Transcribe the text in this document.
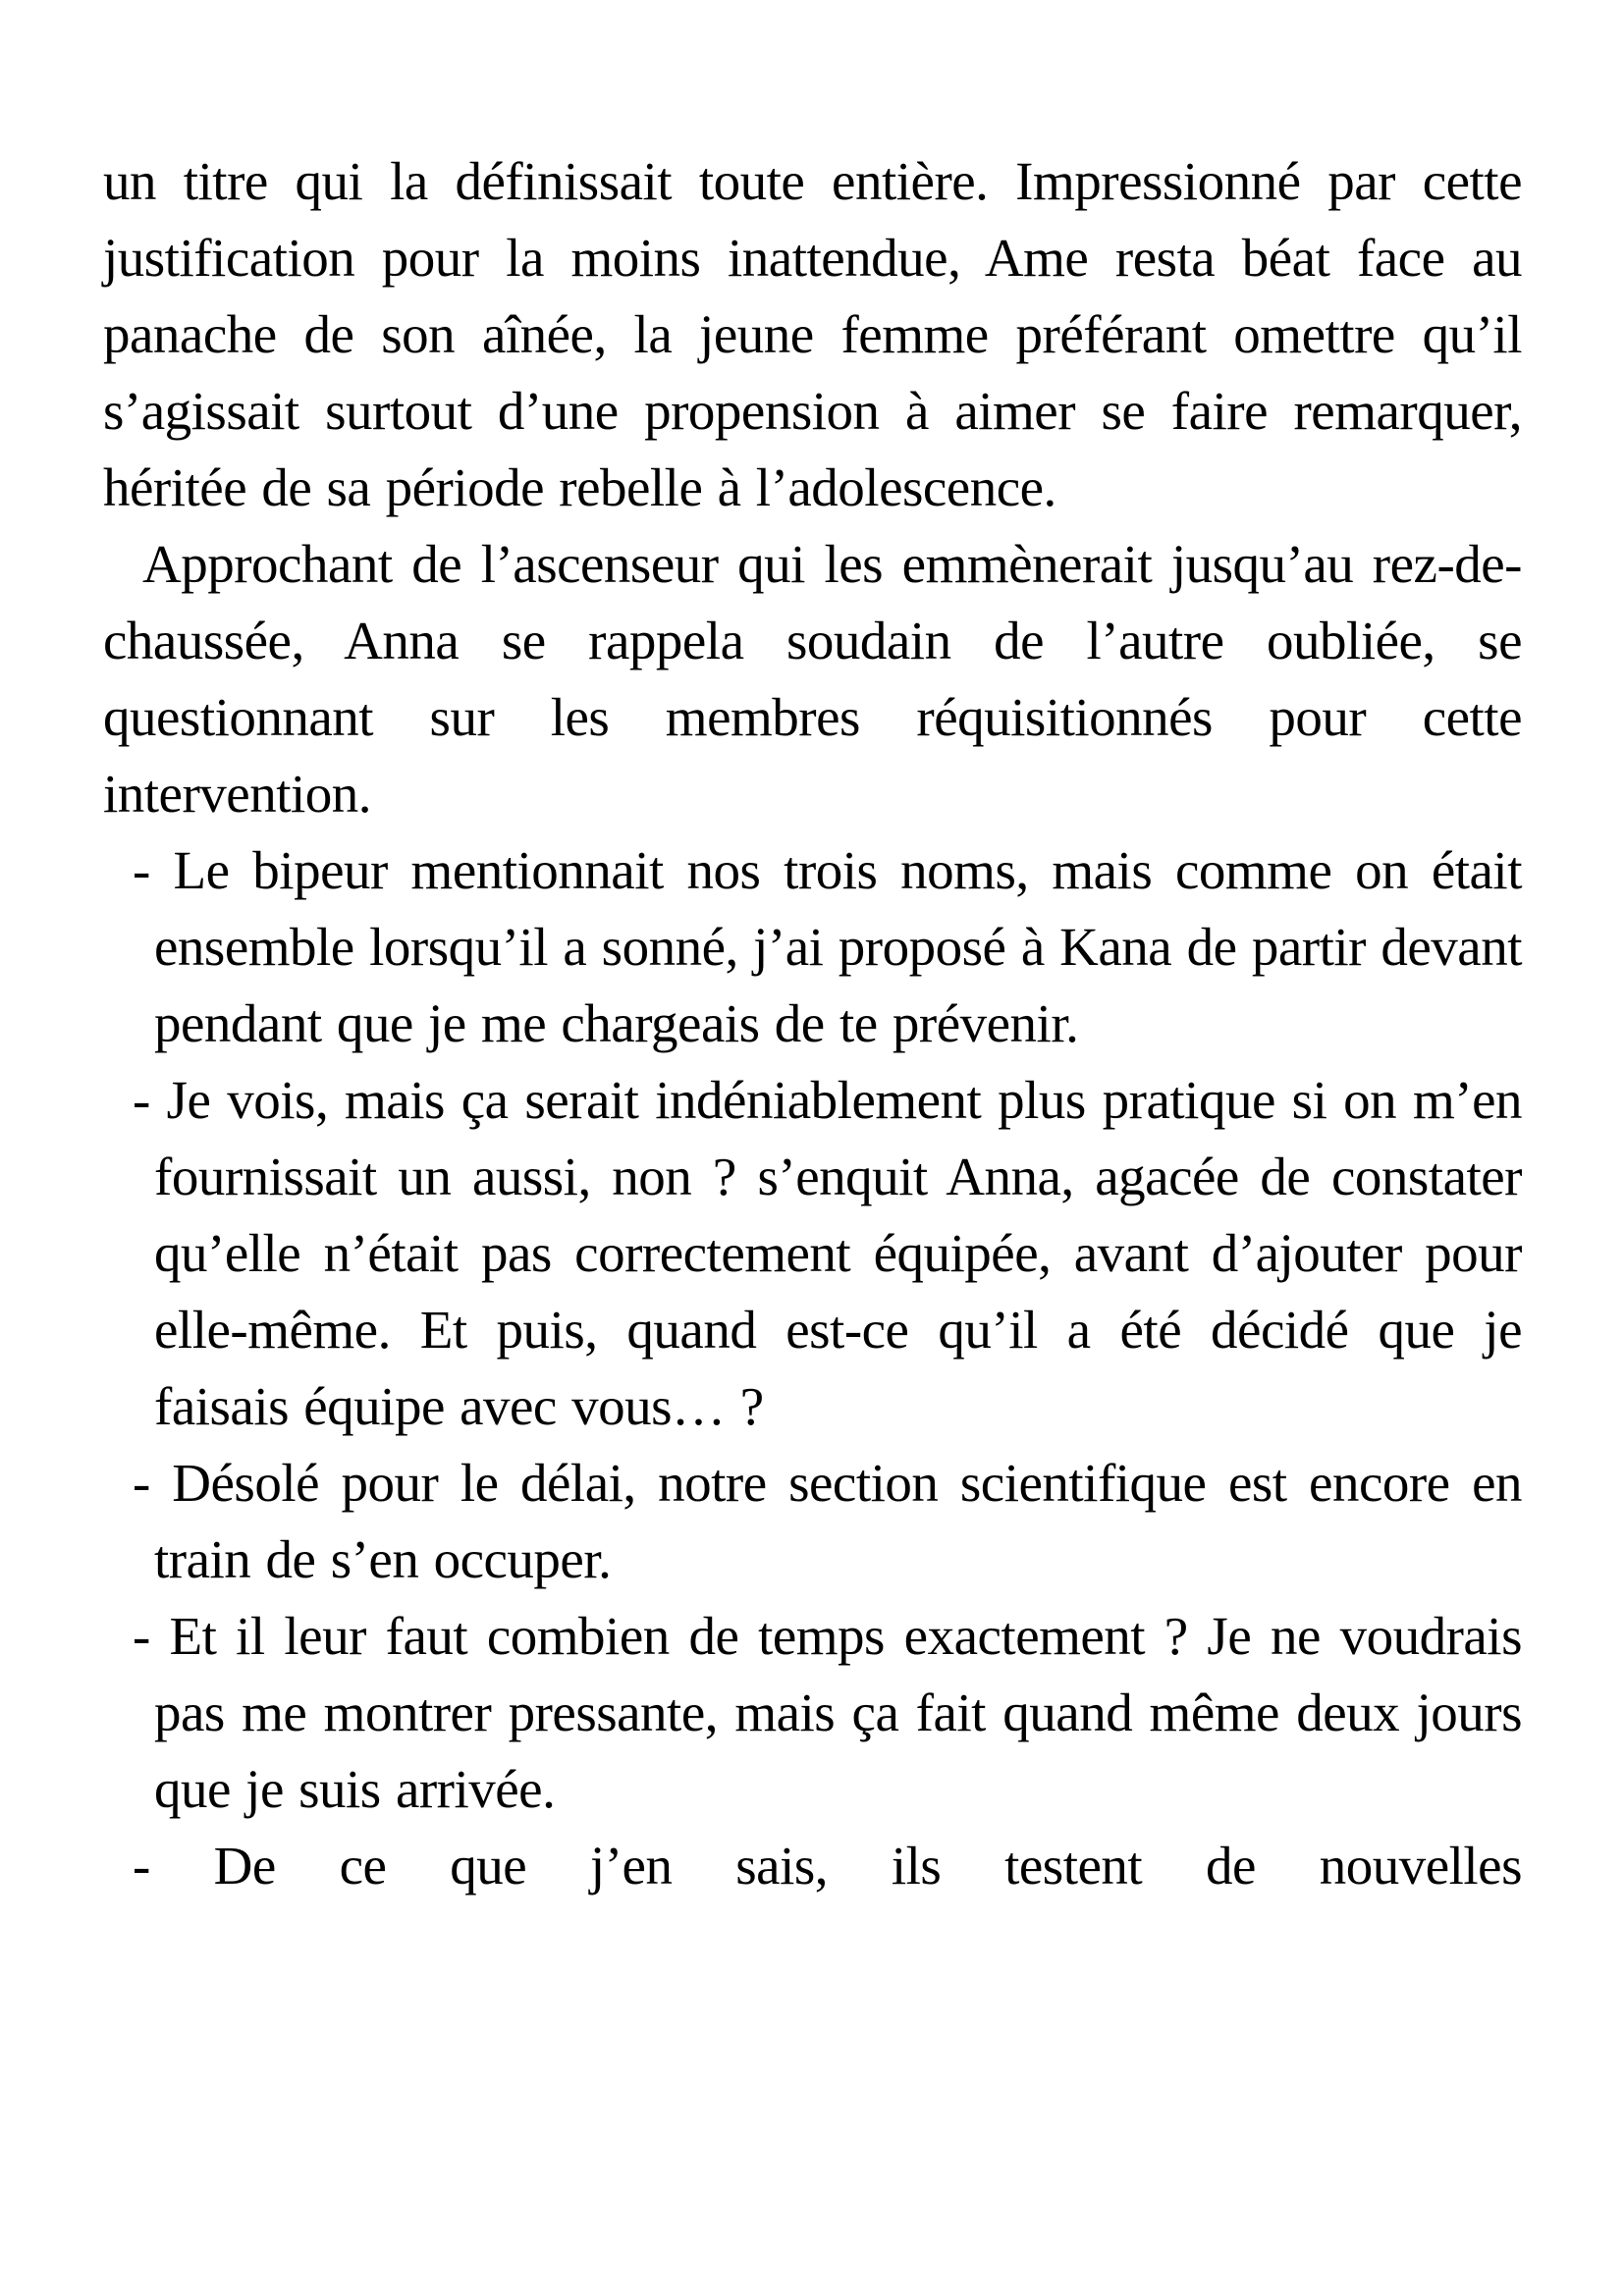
un titre qui la définissait toute entière. Impressionné par cette justification pour la moins inattendue, Ame resta béat face au panache de son aînée, la jeune femme préférant omettre qu’il s’agissait surtout d’une propension à aimer se faire remarquer, héritée de sa période rebelle à l’adolescence.

Approchant de l’ascenseur qui les emmènerait jusqu’au rez-de-chaussée, Anna se rappela soudain de l’autre oubliée, se questionnant sur les membres réquisitionnés pour cette intervention.

- Le bipeur mentionnait nos trois noms, mais comme on était ensemble lorsqu’il a sonné, j’ai proposé à Kana de partir devant pendant que je me chargeais de te prévenir.

- Je vois, mais ça serait indéniablement plus pratique si on m’en fournissait un aussi, non ? s’enquit Anna, agacée de constater qu’elle n’était pas correctement équipée, avant d’ajouter pour elle-même. Et puis, quand est-ce qu’il a été décidé que je faisais équipe avec vous… ?

- Désolé pour le délai, notre section scientifique est encore en train de s’en occuper.

- Et il leur faut combien de temps exactement ? Je ne voudrais pas me montrer pressante, mais ça fait quand même deux jours que je suis arrivée.

- De ce que j’en sais, ils testent de nouvelles
